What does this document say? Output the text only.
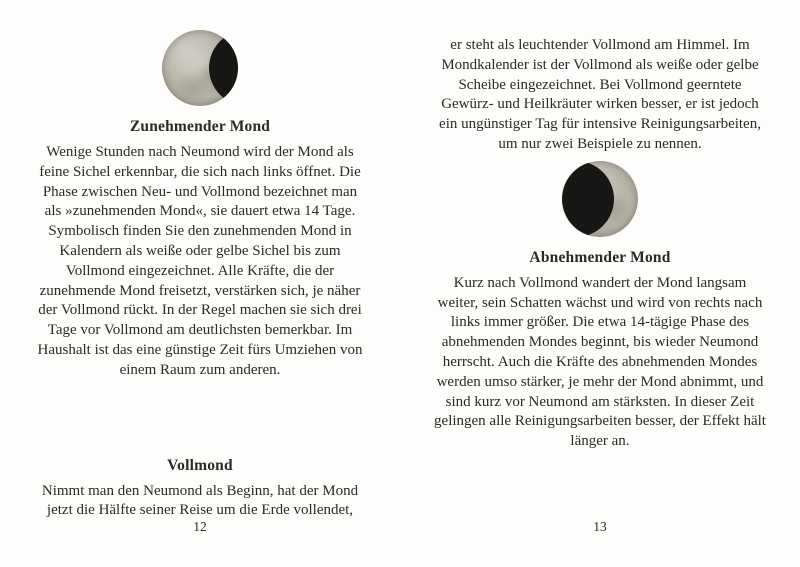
Zunehmender Mond

Wenige Stunden nach Neumond wird der Mond als feine Sichel erkennbar, die sich nach links öffnet. Die Phase zwischen Neu- und Vollmond bezeichnet man als »zunehmenden Mond«, sie dauert etwa 14 Tage. Symbolisch finden Sie den zunehmenden Mond in Kalendern als weiße oder gelbe Sichel bis zum Vollmond eingezeichnet. Alle Kräfte, die der zunehmende Mond freisetzt, verstärken sich, je näher der Vollmond rückt. In der Regel machen sie sich drei Tage vor Vollmond am deutlichsten bemerkbar. Im Haushalt ist das eine günstige Zeit fürs Umziehen von einem Raum zum anderen.

Vollmond

Nimmt man den Neumond als Beginn, hat der Mond jetzt die Hälfte seiner Reise um die Erde vollendet,

12

er steht als leuchtender Vollmond am Himmel. Im Mondkalender ist der Vollmond als weiße oder gelbe Scheibe eingezeichnet. Bei Vollmond geerntete Gewürz- und Heilkräuter wirken besser, er ist jedoch ein ungünstiger Tag für intensive Reinigungsarbeiten, um nur zwei Beispiele zu nennen.

Abnehmender Mond

Kurz nach Vollmond wandert der Mond langsam weiter, sein Schatten wächst und wird von rechts nach links immer größer. Die etwa 14-tägige Phase des abnehmenden Mondes beginnt, bis wieder Neumond herrscht. Auch die Kräfte des abnehmenden Mondes werden umso stärker, je mehr der Mond abnimmt, und sind kurz vor Neumond am stärksten. In dieser Zeit gelingen alle Reinigungsarbeiten besser, der Effekt hält länger an.

13
